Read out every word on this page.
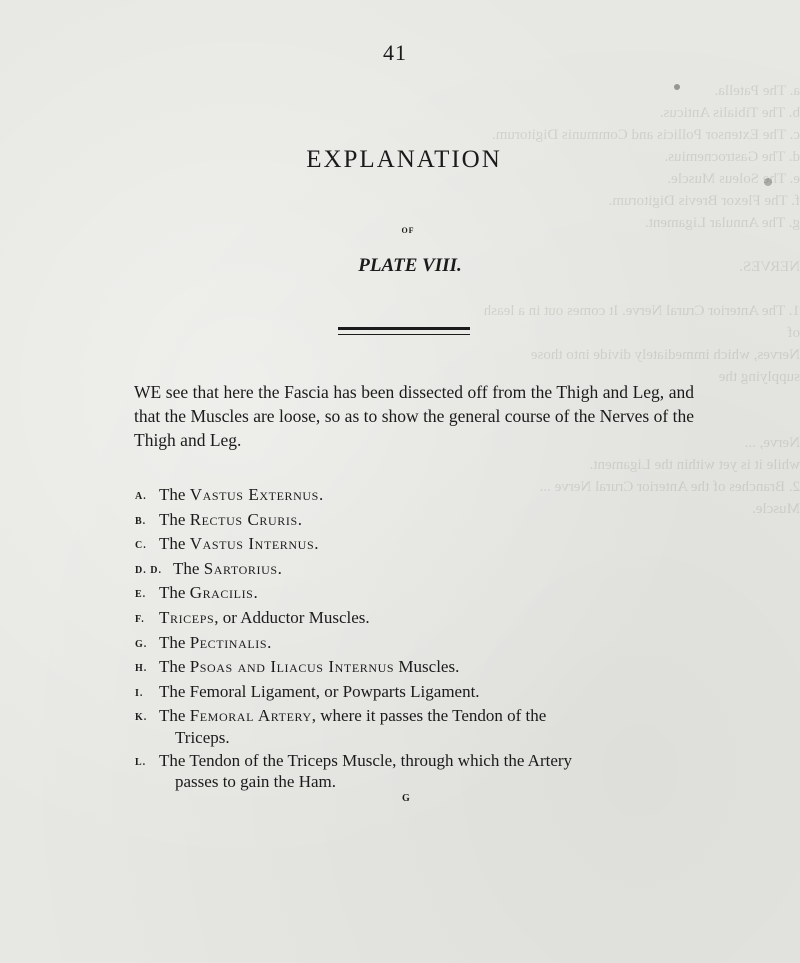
a. The Patella.
b. The Tibialis Anticus.
c. The Extensor Pollicis and Communis Digitorum.
d. The Gastrocnemius.
e. The Soleus Muscle.
f. The Flexor Brevis Digitorum.
g. The Annular Ligament.

NERVES.

1. The Anterior Crural Nerve. It comes out in a leash of
Nerves, which immediately divide into those supplying the

Nerve, ...
while it is yet within the Ligament.
2. Branches of the Anterior Crural Nerve ...
Muscle.
41
EXPLANATION
OF
PLATE VIII.
WE see that here the Fascia has been dissected off from the Thigh and Leg, and that the Muscles are loose, so as to show the general course of the Nerves of the Thigh and Leg.
A. The Vastus Externus.
B. The Rectus Cruris.
C. The Vastus Internus.
D. D. The Sartorius.
E. The Gracilis.
F. Triceps, or Adductor Muscles.
G. The Pectinalis.
H. The Psoas and Iliacus Internus Muscles.
I. The Femoral Ligament, or Powparts Ligament.
K. The Femoral Artery, where it passes the Tendon of the
Triceps.
L. The Tendon of the Triceps Muscle, through which the Artery
passes to gain the Ham.
G
